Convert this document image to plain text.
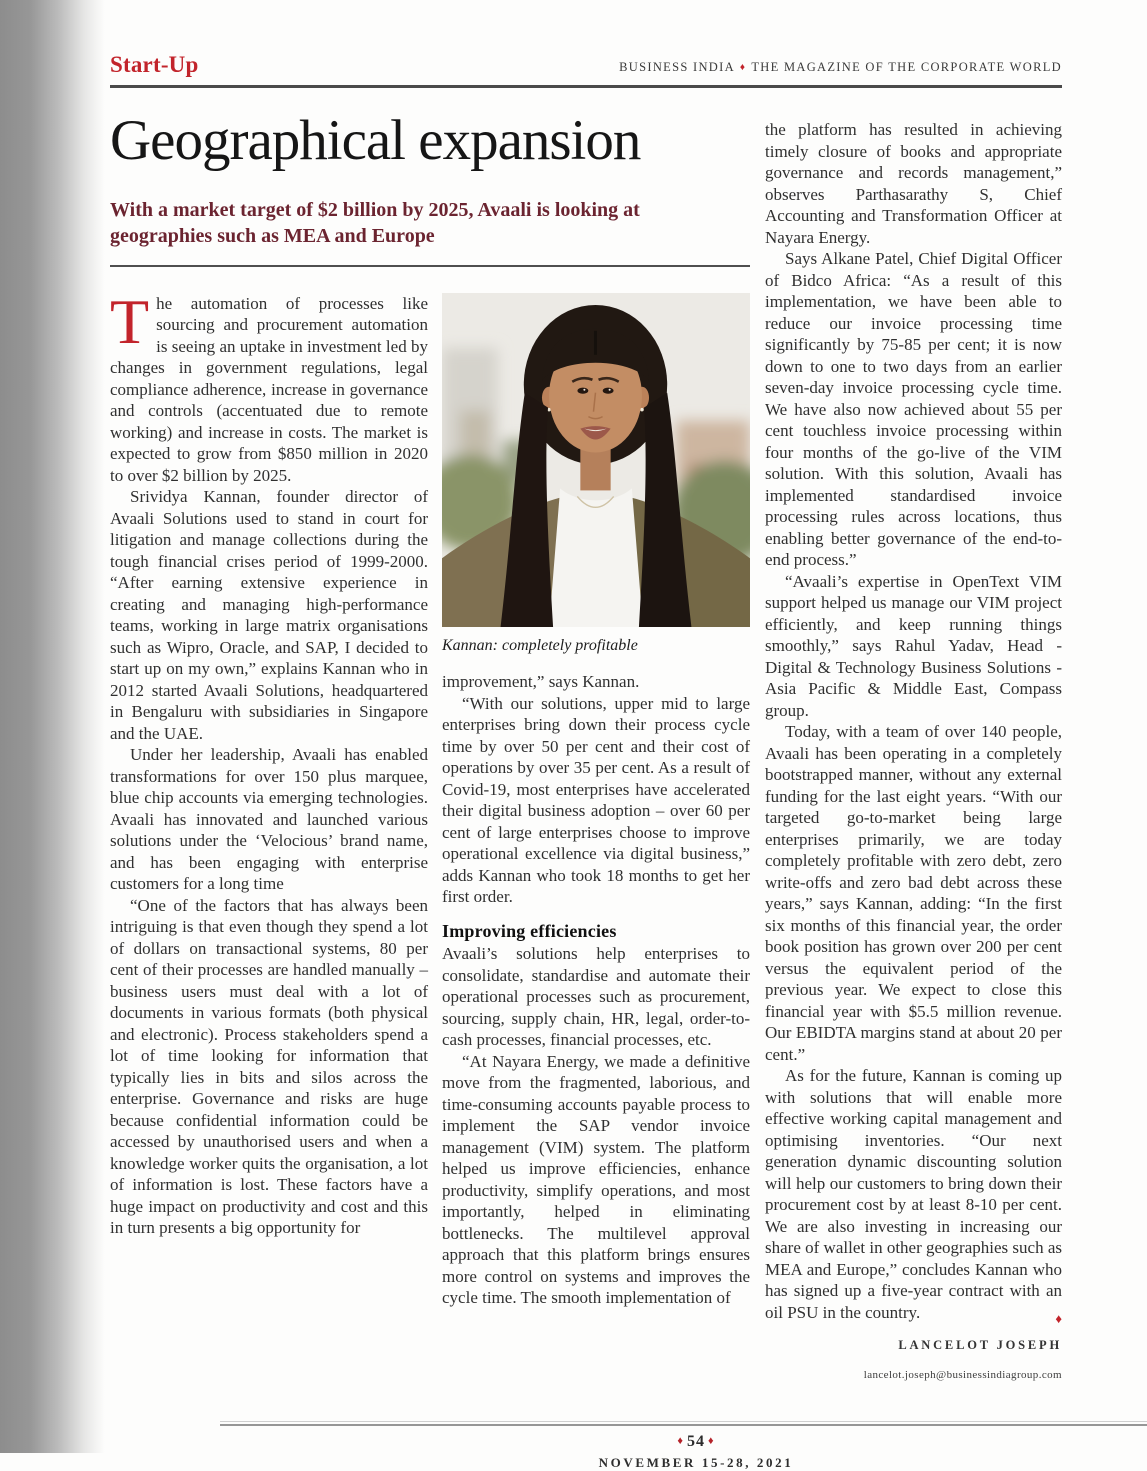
Start-Up	BUSINESS INDIA ♦ THE MAGAZINE OF THE CORPORATE WORLD
Geographical expansion
With a market target of $2 billion by 2025, Avaali is looking at geographies such as MEA and Europe

The automation of processes like sourcing and procurement automation is seeing an uptake in investment led by changes in government regulations, legal compliance adherence, increase in governance and controls (accentuated due to remote working) and increase in costs. The market is expected to grow from $850 million in 2020 to over $2 billion by 2025.

Srividya Kannan, founder director of Avaali Solutions used to stand in court for litigation and manage collections during the tough financial crises period of 1999-2000. “After earning extensive experience in creating and managing high-performance teams, working in large matrix organisations such as Wipro, Oracle, and SAP, I decided to start up on my own,” explains Kannan who in 2012 started Avaali Solutions, headquartered in Bengaluru with subsidiaries in Singapore and the UAE.

Under her leadership, Avaali has enabled transformations for over 150 plus marquee, blue chip accounts via emerging technologies. Avaali has innovated and launched various solutions under the ‘Velocious’ brand name, and has been engaging with enterprise customers for a long time

“One of the factors that has always been intriguing is that even though they spend a lot of dollars on transactional systems, 80 per cent of their processes are handled manually – business users must deal with a lot of documents in various formats (both physical and electronic). Process stakeholders spend a lot of time looking for information that typically lies in bits and silos across the enterprise. Governance and risks are huge because confidential information could be accessed by unauthorised users and when a knowledge worker quits the organisation, a lot of information is lost. These factors have a huge impact on productivity and cost and this in turn presents a big opportunity for

Kannan: completely profitable

improvement,” says Kannan.

“With our solutions, upper mid to large enterprises bring down their process cycle time by over 50 per cent and their cost of operations by over 35 per cent. As a result of Covid-19, most enterprises have accelerated their digital business adoption – over 60 per cent of large enterprises choose to improve operational excellence via digital business,” adds Kannan who took 18 months to get her first order.

Improving efficiencies

Avaali’s solutions help enterprises to consolidate, standardise and automate their operational processes such as procurement, sourcing, supply chain, HR, legal, order-to-cash processes, financial processes, etc.

“At Nayara Energy, we made a definitive move from the fragmented, laborious, and time-consuming accounts payable process to implement the SAP vendor invoice management (VIM) system. The platform helped us improve efficiencies, enhance productivity, simplify operations, and most importantly, helped in eliminating bottlenecks. The multilevel approval approach that this platform brings ensures more control on systems and improves the cycle time. The smooth implementation of

the platform has resulted in achieving timely closure of books and appropriate governance and records management,” observes Parthasarathy S, Chief Accounting and Transformation Officer at Nayara Energy.

Says Alkane Patel, Chief Digital Officer of Bidco Africa: “As a result of this implementation, we have been able to reduce our invoice processing time significantly by 75-85 per cent; it is now down to one to two days from an earlier seven-day invoice processing cycle time. We have also now achieved about 55 per cent touchless invoice processing within four months of the go-live of the VIM solution. With this solution, Avaali has implemented standardised invoice processing rules across locations, thus enabling better governance of the end-to-end process.”

“Avaali’s expertise in OpenText VIM support helped us manage our VIM project efficiently, and keep running things smoothly,” says Rahul Yadav, Head - Digital & Technology Business Solutions - Asia Pacific & Middle East, Compass group.

Today, with a team of over 140 people, Avaali has been operating in a completely bootstrapped manner, without any external funding for the last eight years. “With our targeted go-to-market being large enterprises primarily, we are today completely profitable with zero debt, zero write-offs and zero bad debt across these years,” says Kannan, adding: “In the first six months of this financial year, the order book position has grown over 200 per cent versus the equivalent period of the previous year. We expect to close this financial year with $5.5 million revenue. Our EBIDTA margins stand at about 20 per cent.”

As for the future, Kannan is coming up with solutions that will enable more effective working capital management and optimising inventories. “Our next generation dynamic discounting solution will help our customers to bring down their procurement cost by at least 8-10 per cent. We are also investing in increasing our share of wallet in other geographies such as MEA and Europe,” concludes Kannan who has signed up a five-year contract with an oil PSU in the country.	♦

LANCELOT JOSEPH
lancelot.joseph@businessindiagroup.com
♦ 54 ♦
NOVEMBER 15-28, 2021
